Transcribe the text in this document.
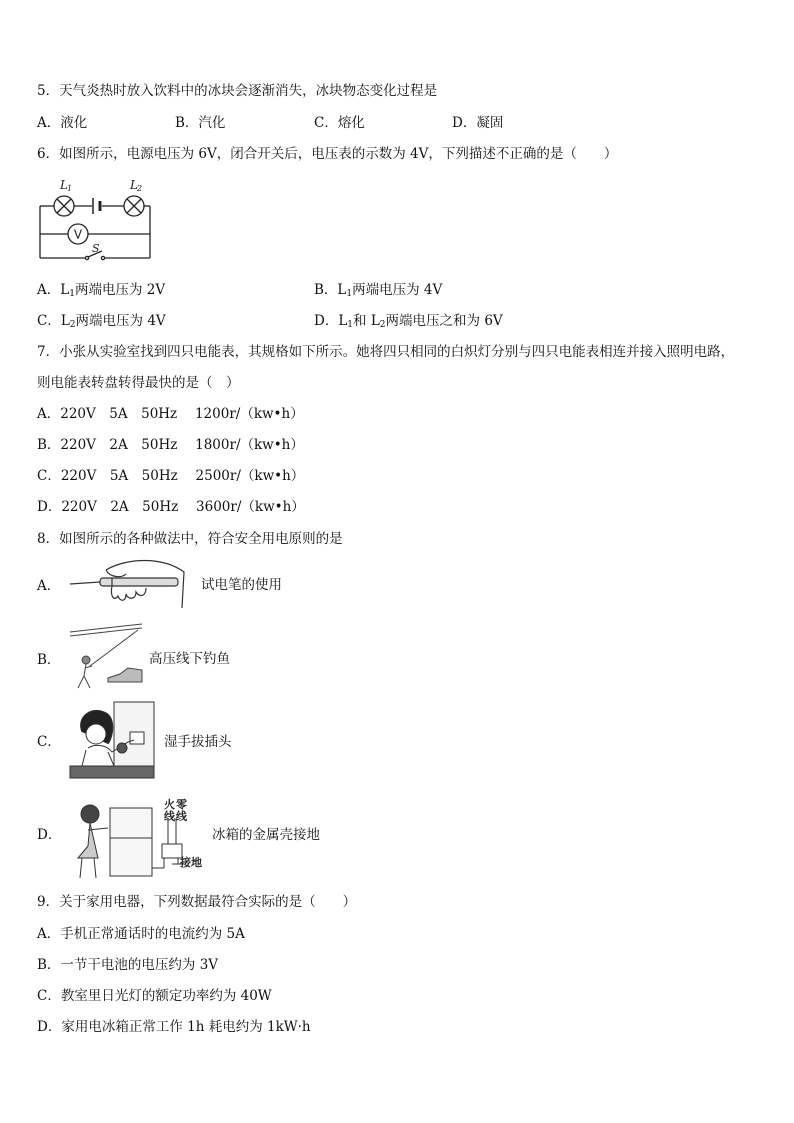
5．天气炎热时放入饮料中的冰块会逐渐消失，冰块物态变化过程是
A．液化	B．汽化	C．熔化	D．凝固
6．如图所示，电源电压为 6V，闭合开关后，电压表的示数为 4V，下列描述不正确的是（　　）
V
L 1	L 2
S
A．$L_1$两端电压为 2V	B．$L_1$两端电压为 4V
C．$L_2$两端电压为 4V	D．$L_1$和 $L_2$两端电压之和为 6V
7．小张从实验室找到四只电能表，其规格如下所示。她将四只相同的白炽灯分别与四只电能表相连并接入照明电路，
则电能表转盘转得最快的是（　）
A．220V　5A　50Hz　 1200r/（kw•h）
B．220V　2A　50Hz　 1800r/（kw•h）
C．220V　5A　50Hz　 2500r/（kw•h）
D．220V　2A　50Hz　 3600r/（kw•h）
8．如图所示的各种做法中，符合安全用电原则的是
A．	试电笔的使用
B．	高压线下钓鱼
C．	湿手拔插头
D．
火 零
线 线
接地
冰箱的金属壳接地
9．关于家用电器，下列数据最符合实际的是（　　）
A．手机正常通话时的电流约为 5A
B．一节干电池的电压约为 3V
C．教室里日光灯的额定功率约为 40W
D．家用电冰箱正常工作 1h 耗电约为 1kW·h
